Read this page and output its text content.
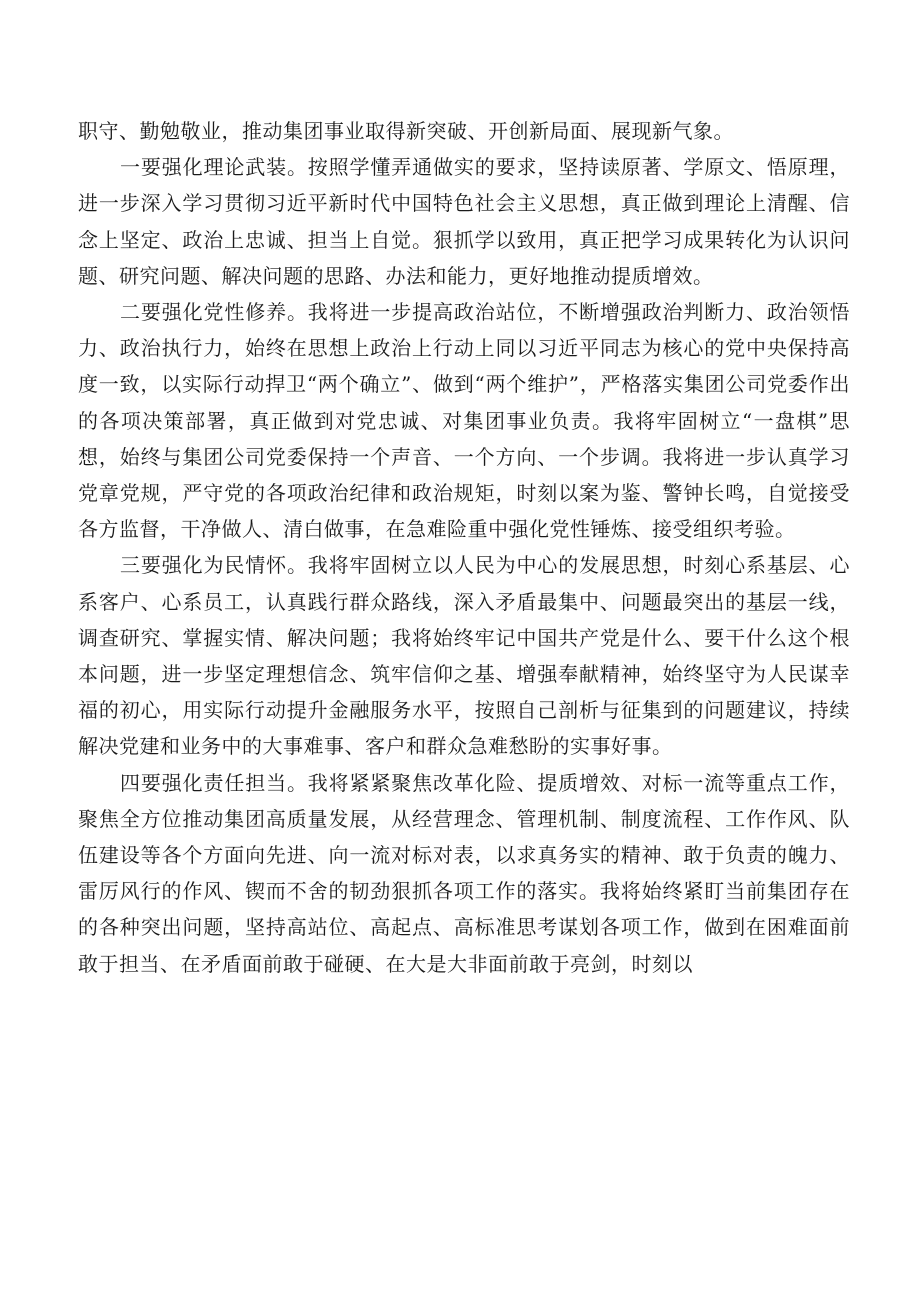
职守、勤勉敬业，推动集团事业取得新突破、开创新局面、展现新气象。

一要强化理论武装。按照学懂弄通做实的要求，坚持读原著、学原文、悟原理，进一步深入学习贯彻习近平新时代中国特色社会主义思想，真正做到理论上清醒、信念上坚定、政治上忠诚、担当上自觉。狠抓学以致用，真正把学习成果转化为认识问题、研究问题、解决问题的思路、办法和能力，更好地推动提质增效。

二要强化党性修养。我将进一步提高政治站位，不断增强政治判断力、政治领悟力、政治执行力，始终在思想上政治上行动上同以习近平同志为核心的党中央保持高度一致，以实际行动捍卫“两个确立”、做到“两个维护”，严格落实集团公司党委作出的各项决策部署，真正做到对党忠诚、对集团事业负责。我将牢固树立“一盘棋”思想，始终与集团公司党委保持一个声音、一个方向、一个步调。我将进一步认真学习党章党规，严守党的各项政治纪律和政治规矩，时刻以案为鉴、警钟长鸣，自觉接受各方监督，干净做人、清白做事，在急难险重中强化党性锤炼、接受组织考验。

三要强化为民情怀。我将牢固树立以人民为中心的发展思想，时刻心系基层、心系客户、心系员工，认真践行群众路线，深入矛盾最集中、问题最突出的基层一线，调查研究、掌握实情、解决问题；我将始终牢记中国共产党是什么、要干什么这个根本问题，进一步坚定理想信念、筑牢信仰之基、增强奉献精神，始终坚守为人民谋幸福的初心，用实际行动提升金融服务水平，按照自己剖析与征集到的问题建议，持续解决党建和业务中的大事难事、客户和群众急难愁盼的实事好事。

四要强化责任担当。我将紧紧聚焦改革化险、提质增效、对标一流等重点工作，聚焦全方位推动集团高质量发展，从经营理念、管理机制、制度流程、工作作风、队伍建设等各个方面向先进、向一流对标对表，以求真务实的精神、敢于负责的魄力、雷厉风行的作风、锲而不舍的韧劲狠抓各项工作的落实。我将始终紧盯当前集团存在的各种突出问题，坚持高站位、高起点、高标准思考谋划各项工作，做到在困难面前敢于担当、在矛盾面前敢于碰硬、在大是大非面前敢于亮剑，时刻以
